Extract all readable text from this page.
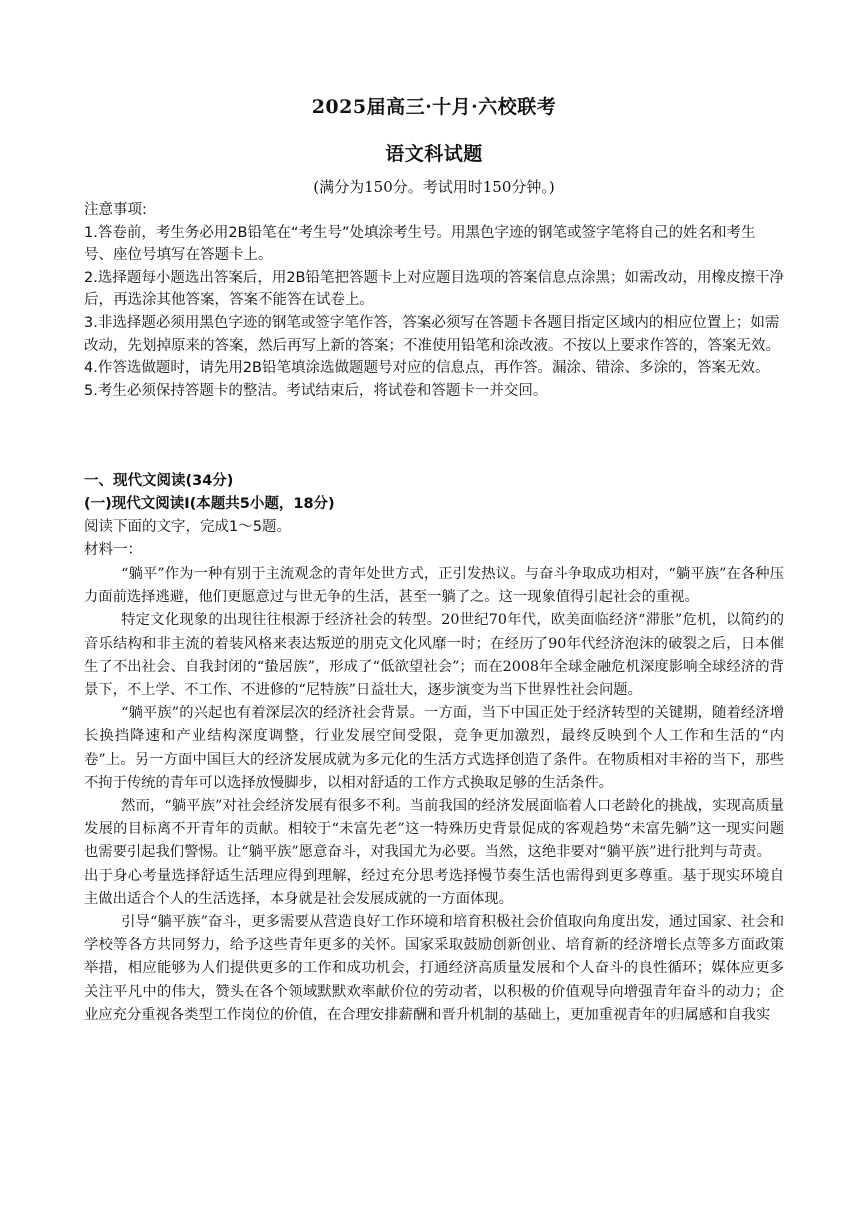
2025届高三·十月·六校联考
语文科试题
(满分为150分。考试用时150分钟。)

注意事项:

1.答卷前，考生务必用2B铅笔在“考生号”处填涂考生号。用黑色字迹的钢笔或签字笔将自己的姓名和考生号、座位号填写在答题卡上。

2.选择题每小题选出答案后，用2B铅笔把答题卡上对应题目选项的答案信息点涂黑；如需改动，用橡皮擦干净后，再选涂其他答案，答案不能答在试卷上。

3.非选择题必须用黑色字迹的钢笔或签字笔作答，答案必须写在答题卡各题目指定区域内的相应位置上；如需改动，先划掉原来的答案，然后再写上新的答案；不准使用铅笔和涂改液。不按以上要求作答的，答案无效。

4.作答选做题时，请先用2B铅笔填涂选做题题号对应的信息点，再作答。漏涂、错涂、多涂的，答案无效。

5.考生必须保持答题卡的整洁。考试结束后，将试卷和答题卡一并交回。

一、现代文阅读(34分)

(一)现代文阅读I(本题共5小题，18分)

阅读下面的文字，完成1～5题。

材料一：

“躺平”作为一种有别于主流观念的青年处世方式，正引发热议。与奋斗争取成功相对，“躺平族”在各种压力面前选择逃避，他们更愿意过与世无争的生活，甚至一躺了之。这一现象值得引起社会的重视。

特定文化现象的出现往往根源于经济社会的转型。20世纪70年代，欧美面临经济“滞胀”危机，以简约的音乐结构和非主流的着装风格来表达叛逆的朋克文化风靡一时；在经历了90年代经济泡沫的破裂之后，日本催生了不出社会、自我封闭的“蛰居族”，形成了“低欲望社会”；而在2008年全球金融危机深度影响全球经济的背景下，不上学、不工作、不进修的“尼特族”日益壮大，逐步演变为当下世界性社会问题。

“躺平族”的兴起也有着深层次的经济社会背景。一方面，当下中国正处于经济转型的关键期，随着经济增长换挡降速和产业结构深度调整，行业发展空间受限，竞争更加激烈，最终反映到个人工作和生活的“内卷”上。另一方面中国巨大的经济发展成就为多元化的生活方式选择创造了条件。在物质相对丰裕的当下，那些不拘于传统的青年可以选择放慢脚步，以相对舒适的工作方式换取足够的生活条件。

然而，“躺平族”对社会经济发展有很多不利。当前我国的经济发展面临着人口老龄化的挑战，实现高质量发展的目标离不开青年的贡献。相较于“未富先老”这一特殊历史背景促成的客观趋势“未富先躺”这一现实问题也需要引起我们警惕。让“躺平族”愿意奋斗，对我国尤为必要。当然，这绝非要对“躺平族”进行批判与苛责。

出于身心考量选择舒适生活理应得到理解，经过充分思考选择慢节奏生活也需得到更多尊重。基于现实环境自主做出适合个人的生活选择，本身就是社会发展成就的一方面体现。

引导“躺平族”奋斗，更多需要从营造良好工作环境和培育积极社会价值取向角度出发，通过国家、社会和学校等各方共同努力，给予这些青年更多的关怀。国家采取鼓励创新创业、培育新的经济增长点等多方面政策举措，相应能够为人们提供更多的工作和成功机会，打通经济高质量发展和个人奋斗的良性循环；媒体应更多关注平凡中的伟大，赞头在各个领域默默欢率献价位的劳动者，以积极的价值观导向增强青年奋斗的动力；企业应充分重视各类型工作岗位的价值，在合理安排薪酬和晋升机制的基础上，更加重视青年的归属感和自我实
